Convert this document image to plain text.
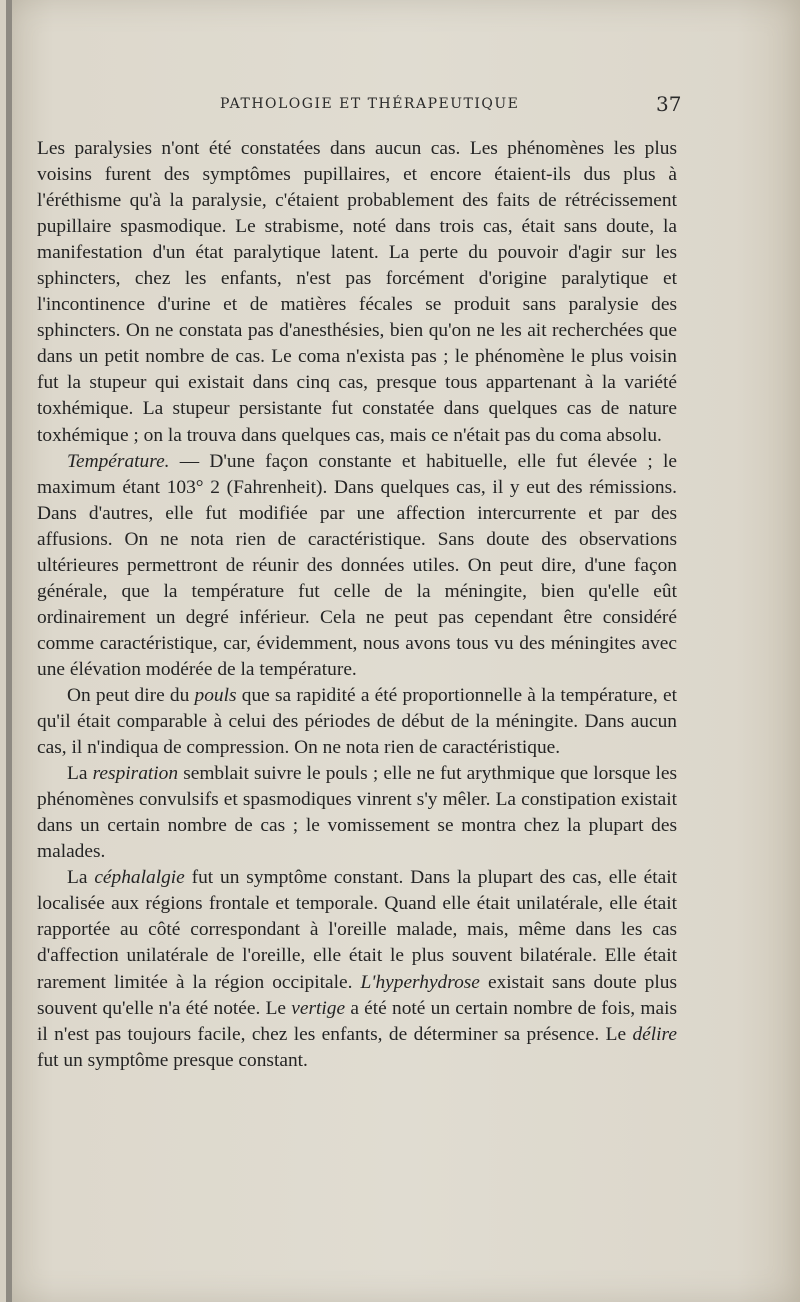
PATHOLOGIE ET THÉRAPEUTIQUE	37

Les paralysies n'ont été constatées dans aucun cas. Les phénomènes les plus voisins furent des symptômes pupillaires, et encore étaient-ils dus plus à l'éréthisme qu'à la paralysie, c'étaient probablement des faits de rétrécissement pupillaire spasmodique. Le strabisme, noté dans trois cas, était sans doute, la manifestation d'un état paralytique latent. La perte du pouvoir d'agir sur les sphincters, chez les enfants, n'est pas forcément d'origine paralytique et l'incontinence d'urine et de matières fécales se produit sans paralysie des sphincters. On ne constata pas d'anesthésies, bien qu'on ne les ait recherchées que dans un petit nombre de cas. Le coma n'exista pas ; le phénomène le plus voisin fut la stupeur qui existait dans cinq cas, presque tous appartenant à la variété toxhémique. La stupeur persistante fut constatée dans quelques cas de nature toxhémique ; on la trouva dans quelques cas, mais ce n'était pas du coma absolu.

Température. — D'une façon constante et habituelle, elle fut élevée ; le maximum étant 103° 2 (Fahrenheit). Dans quelques cas, il y eut des rémissions. Dans d'autres, elle fut modifiée par une affection intercurrente et par des affusions. On ne nota rien de caractéristique. Sans doute des observations ultérieures permettront de réunir des données utiles. On peut dire, d'une façon générale, que la température fut celle de la méningite, bien qu'elle eût ordinairement un degré inférieur. Cela ne peut pas cependant être considéré comme caractéristique, car, évidemment, nous avons tous vu des méningites avec une élévation modérée de la température.

On peut dire du pouls que sa rapidité a été proportionnelle à la température, et qu'il était comparable à celui des périodes de début de la méningite. Dans aucun cas, il n'indiqua de compression. On ne nota rien de caractéristique.

La respiration semblait suivre le pouls ; elle ne fut arythmique que lorsque les phénomènes convulsifs et spasmodiques vinrent s'y mêler. La constipation existait dans un certain nombre de cas ; le vomissement se montra chez la plupart des malades.

La céphalalgie fut un symptôme constant. Dans la plupart des cas, elle était localisée aux régions frontale et temporale. Quand elle était unilatérale, elle était rapportée au côté correspondant à l'oreille malade, mais, même dans les cas d'affection unilatérale de l'oreille, elle était le plus souvent bilatérale. Elle était rarement limitée à la région occipitale. L'hyperhydrose existait sans doute plus souvent qu'elle n'a été notée. Le vertige a été noté un certain nombre de fois, mais il n'est pas toujours facile, chez les enfants, de déterminer sa présence. Le délire fut un symptôme presque constant.
